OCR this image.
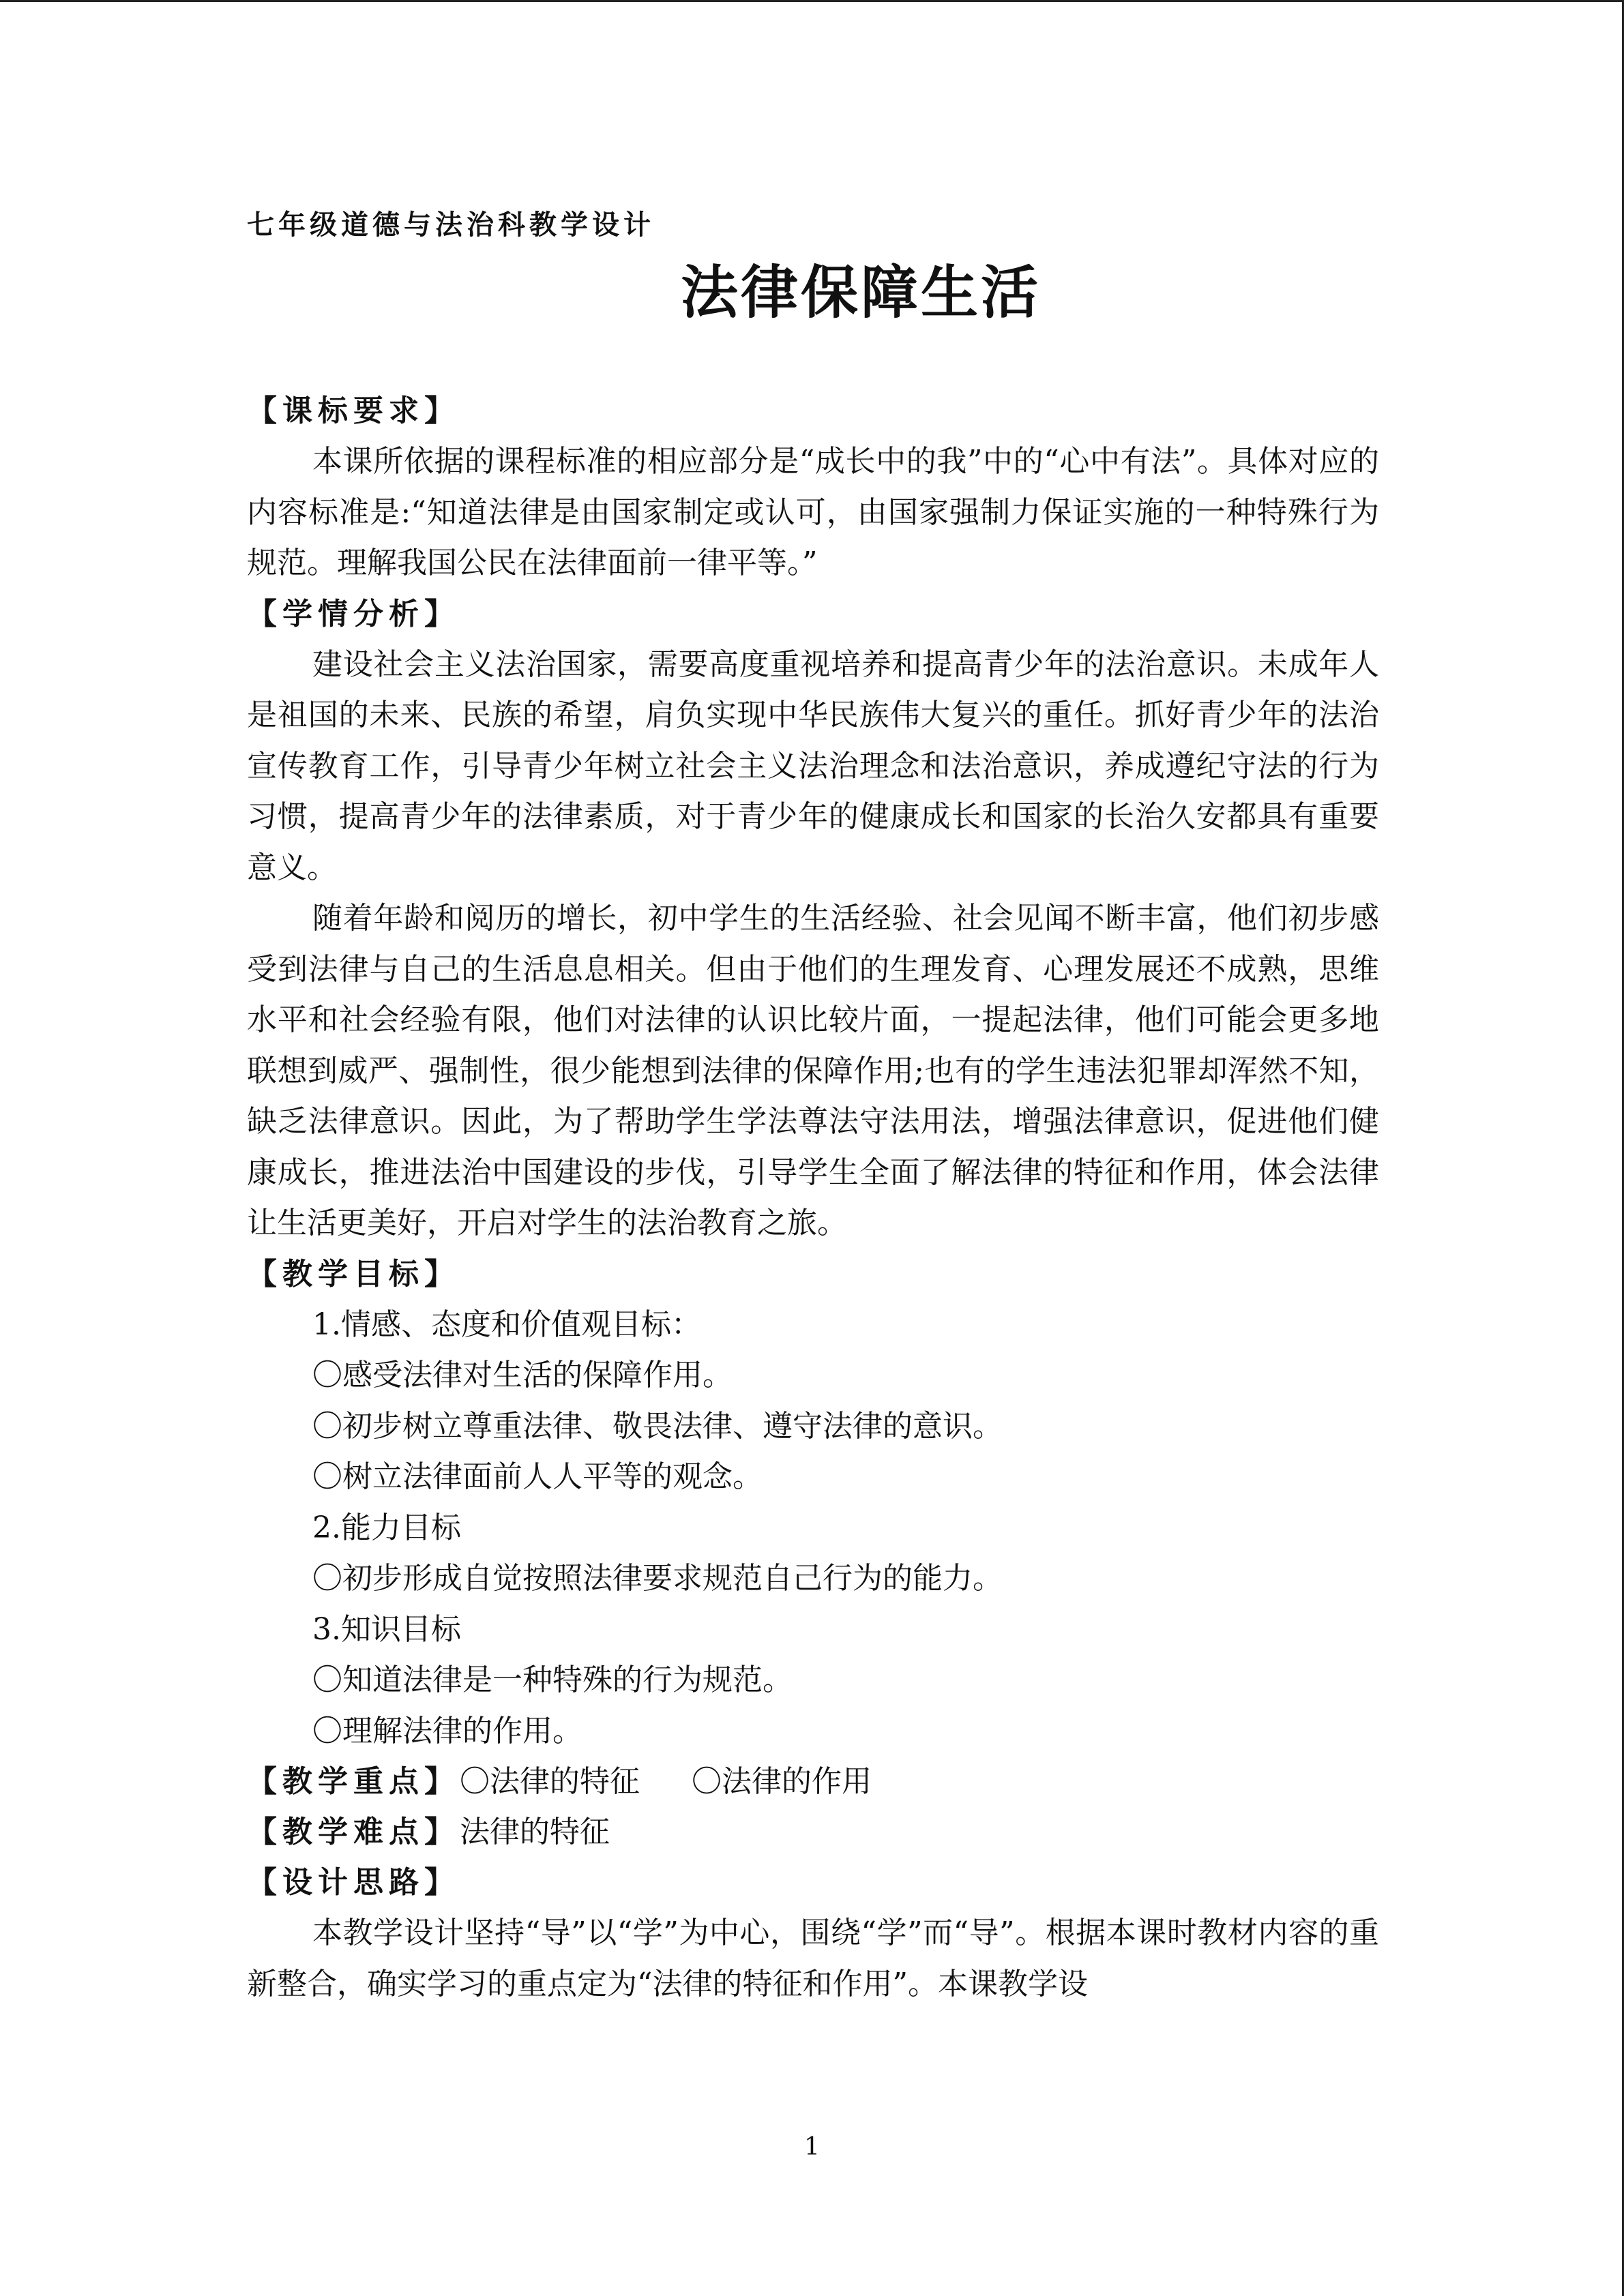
七年级道德与法治科教学设计
法律保障生活
【课标要求】

本课所依据的课程标准的相应部分是“成长中的我”中的“心中有法”。具体对应的内容标准是:“知道法律是由国家制定或认可，由国家强制力保证实施的一种特殊行为规范。理解我国公民在法律面前一律平等。”

【学情分析】

建设社会主义法治国家，需要高度重视培养和提高青少年的法治意识。未成年人是祖国的未来、民族的希望，肩负实现中华民族伟大复兴的重任。抓好青少年的法治宣传教育工作，引导青少年树立社会主义法治理念和法治意识，养成遵纪守法的行为习惯，提高青少年的法律素质，对于青少年的健康成长和国家的长治久安都具有重要意义。

随着年龄和阅历的增长，初中学生的生活经验、社会见闻不断丰富，他们初步感受到法律与自己的生活息息相关。但由于他们的生理发育、心理发展还不成熟，思维水平和社会经验有限，他们对法律的认识比较片面，一提起法律，他们可能会更多地联想到威严、强制性，很少能想到法律的保障作用;也有的学生违法犯罪却浑然不知，缺乏法律意识。因此，为了帮助学生学法尊法守法用法，增强法律意识，促进他们健康成长，推进法治中国建设的步伐，引导学生全面了解法律的特征和作用，体会法律让生活更美好，开启对学生的法治教育之旅。

【教学目标】
1.情感、态度和价值观目标：
〇感受法律对生活的保障作用。
〇初步树立尊重法律、敬畏法律、遵守法律的意识。
〇树立法律面前人人平等的观念。
2.能力目标
〇初步形成自觉按照法律要求规范自己行为的能力。
3.知识目标
〇知道法律是一种特殊的行为规范。
〇理解法律的作用。
【教学重点】〇法律的特征 〇法律的作用
【教学难点】法律的特征
【设计思路】

本教学设计坚持“导”以“学”为中心，围绕“学”而“导”。根据本课时教材内容的重新整合，确实学习的重点定为“法律的特征和作用”。本课教学设

1
